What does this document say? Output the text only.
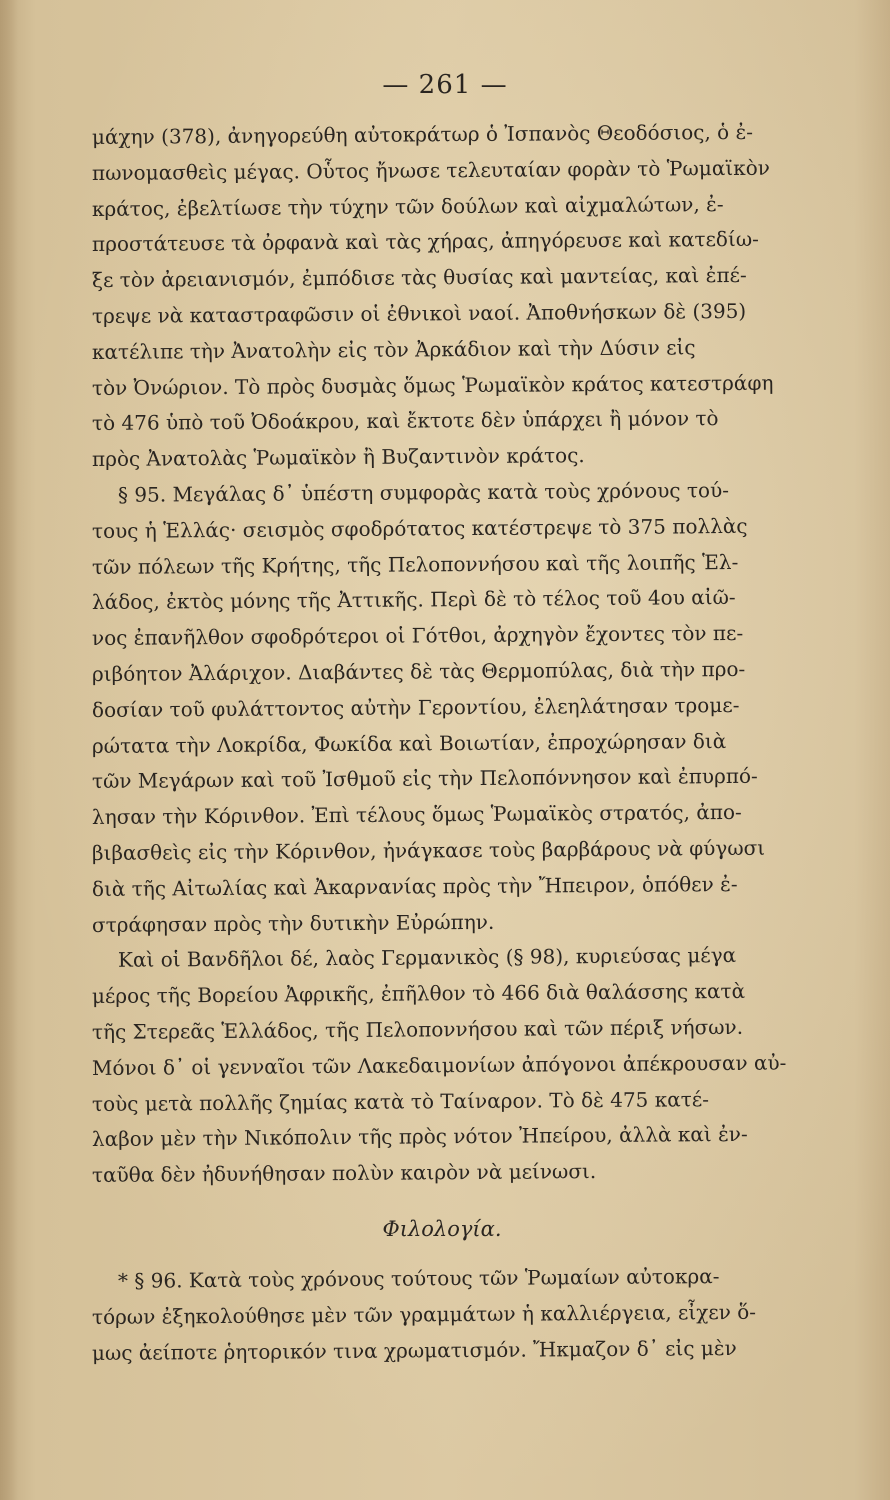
— 261 —
μάχην (378), ἀνηγορεύθη αὐτοκράτωρ ὁ Ἰσπανὸς Θεοδόσιος, ὁ ἐ-
πωνομασθεὶς μέγας. Οὗτος ἤνωσε τελευταίαν φορὰν τὸ Ῥωμαϊκὸν
κράτος, ἐβελτίωσε τὴν τύχην τῶν δούλων καὶ αἰχμαλώτων, ἐ-
προστάτευσε τὰ ὀρφανὰ καὶ τὰς χήρας, ἀπηγόρευσε καὶ κατεδίω-
ξε τὸν ἀρειανισμόν, ἐμπόδισε τὰς θυσίας καὶ μαντείας, καὶ ἐπέ-
τρεψε νὰ καταστραφῶσιν οἱ ἐθνικοὶ ναοί. Ἀποθνήσκων δὲ (395)
κατέλιπε τὴν Ἀνατολὴν εἰς τὸν Ἀρκάδιον καὶ τὴν Δύσιν εἰς
τὸν Ὀνώριον. Τὸ πρὸς δυσμὰς ὅμως Ῥωμαϊκὸν κράτος κατεστράφη
τὸ 476 ὑπὸ τοῦ Ὀδοάκρου, καὶ ἔκτοτε δὲν ὑπάρχει ἢ μόνον τὸ
πρὸς Ἀνατολὰς Ῥωμαϊκὸν ἢ Βυζαντινὸν κράτος.
§ 95. Μεγάλας δ᾽ ὑπέστη συμφορὰς κατὰ τοὺς χρόνους τού-
τους ἡ Ἑλλάς· σεισμὸς σφοδρότατος κατέστρεψε τὸ 375 πολλὰς
τῶν πόλεων τῆς Κρήτης, τῆς Πελοποννήσου καὶ τῆς λοιπῆς Ἑλ-
λάδος, ἐκτὸς μόνης τῆς Ἀττικῆς. Περὶ δὲ τὸ τέλος τοῦ 4ου αἰῶ-
νος ἐπανῆλθον σφοδρότεροι οἱ Γότθοι, ἀρχηγὸν ἔχοντες τὸν πε-
ριβόητον Ἀλάριχον. Διαβάντες δὲ τὰς Θερμοπύλας, διὰ τὴν προ-
δοσίαν τοῦ φυλάττοντος αὐτὴν Γεροντίου, ἐλεηλάτησαν τρομε-
ρώτατα τὴν Λοκρίδα, Φωκίδα καὶ Βοιωτίαν, ἐπροχώρησαν διὰ
τῶν Μεγάρων καὶ τοῦ Ἰσθμοῦ εἰς τὴν Πελοπόννησον καὶ ἐπυρπό-
λησαν τὴν Κόρινθον. Ἐπὶ τέλους ὅμως Ῥωμαϊκὸς στρατός, ἀπο-
βιβασθεὶς εἰς τὴν Κόρινθον, ἠνάγκασε τοὺς βαρβάρους νὰ φύγωσι
διὰ τῆς Αἰτωλίας καὶ Ἀκαρνανίας πρὸς τὴν Ἤπειρον, ὁπόθεν ἐ-
στράφησαν πρὸς τὴν δυτικὴν Εὐρώπην.
Καὶ οἱ Βανδῆλοι δέ, λαὸς Γερμανικὸς (§ 98), κυριεύσας μέγα
μέρος τῆς Βορείου Ἀφρικῆς, ἐπῆλθον τὸ 466 διὰ θαλάσσης κατὰ
τῆς Στερεᾶς Ἑλλάδος, τῆς Πελοποννήσου καὶ τῶν πέριξ νήσων.
Μόνοι δ᾽ οἱ γενναῖοι τῶν Λακεδαιμονίων ἀπόγονοι ἀπέκρουσαν αὐ-
τοὺς μετὰ πολλῆς ζημίας κατὰ τὸ Ταίναρον. Τὸ δὲ 475 κατέ-
λαβον μὲν τὴν Νικόπολιν τῆς πρὸς νότον Ἠπείρου, ἀλλὰ καὶ ἐν-
ταῦθα δὲν ἠδυνήθησαν πολὺν καιρὸν νὰ μείνωσι.
Φιλολογία.
* § 96. Κατὰ τοὺς χρόνους τούτους τῶν Ῥωμαίων αὐτοκρα-
τόρων ἐξηκολούθησε μὲν τῶν γραμμάτων ἡ καλλιέργεια, εἶχεν ὅ-
μως ἀείποτε ῥητορικόν τινα χρωματισμόν. Ἤκμαζον δ᾽ εἰς μὲν
